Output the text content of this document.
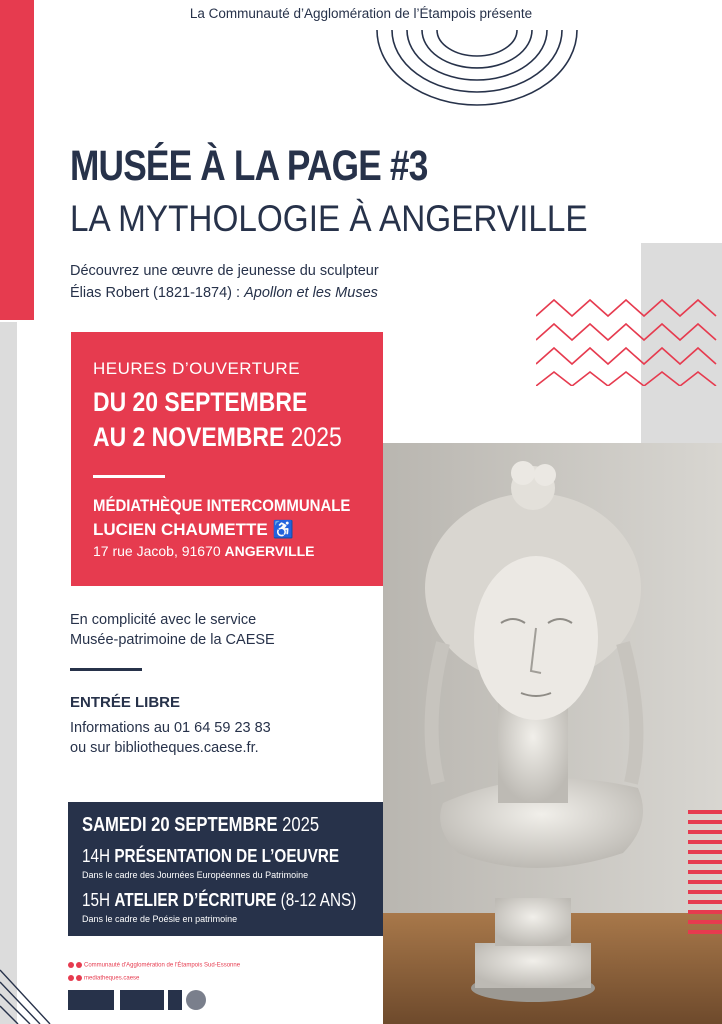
La Communauté d’Agglomération de l’Étampois présente
MUSÉE À LA PAGE #3
LA MYTHOLOGIE À ANGERVILLE
Découvrez une œuvre de jeunesse du sculpteur
Élias Robert (1821-1874) : Apollon et les Muses
HEURES D’OUVERTURE
DU 20 SEPTEMBRE
AU 2 NOVEMBRE 2025
MÉDIATHÈQUE INTERCOMMUNALE
LUCIEN CHAUMETTE ♿
17 rue Jacob, 91670 ANGERVILLE
En complicité avec le service
Musée-patrimoine de la CAESE
ENTRÉE LIBRE
Informations au 01 64 59 23 83
ou sur bibliotheques.caese.fr.
SAMEDI 20 SEPTEMBRE 2025
14H PRÉSENTATION DE L’OEUVRE
Dans le cadre des Journées Européennes du Patrimoine
15H ATELIER D’ÉCRITURE (8-12 ANS)
Dans le cadre de Poésie en patrimoine
Communauté d'Agglomération de l'Étampois Sud-Essonne
mediatheques.caese
